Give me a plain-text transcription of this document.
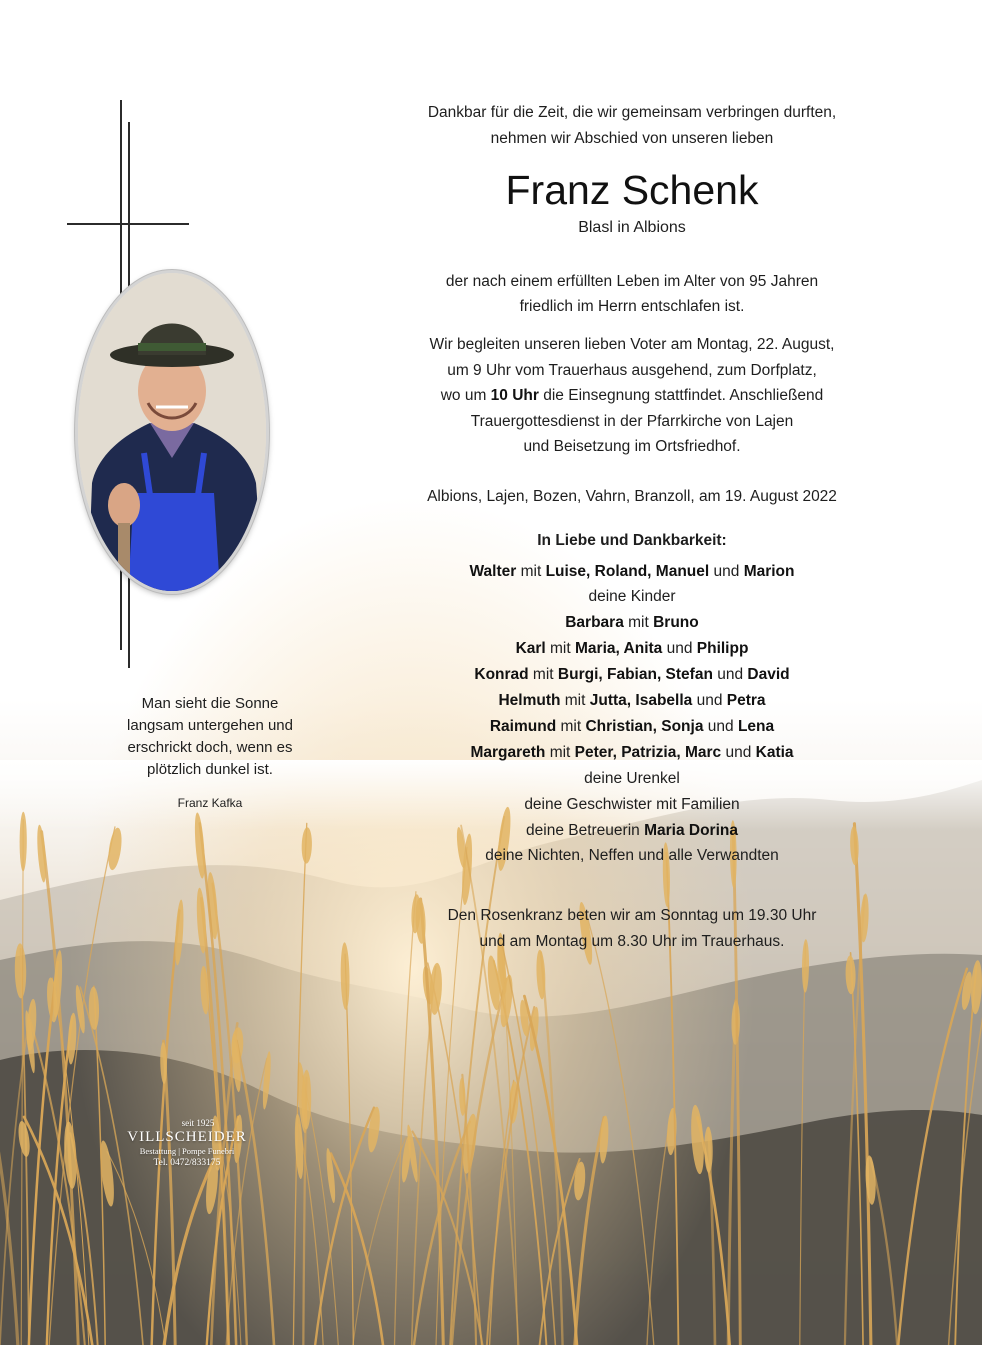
Man sieht die Sonne
langsam untergehen und
erschrickt doch, wenn es
plötzlich dunkel ist.
Franz Kafka
Dankbar für die Zeit, die wir gemeinsam verbringen durften,
nehmen wir Abschied von unseren lieben
Franz Schenk
Blasl in Albions
der nach einem erfüllten Leben im Alter von 95 Jahren
friedlich im Herrn entschlafen ist.
Wir begleiten unseren lieben Voter am Montag, 22. August,
um 9 Uhr vom Trauerhaus ausgehend, zum Dorfplatz,
wo um 10 Uhr die Einsegnung stattfindet. Anschließend
Trauergottesdienst in der Pfarrkirche von Lajen
und Beisetzung im Ortsfriedhof.
Albions, Lajen, Bozen, Vahrn, Branzoll, am 19. August 2022
In Liebe und Dankbarkeit:
Walter mit Luise, Roland, Manuel und Marion
deine Kinder
Barbara mit Bruno
Karl mit Maria, Anita und Philipp
Konrad mit Burgi, Fabian, Stefan und David
Helmuth mit Jutta, Isabella und Petra
Raimund mit Christian, Sonja und Lena
Margareth mit Peter, Patrizia, Marc und Katia
deine Urenkel
deine Geschwister mit Familien
deine Betreuerin Maria Dorina
deine Nichten, Neffen und alle Verwandten
Den Rosenkranz beten wir am Sonntag um 19.30 Uhr
und am Montag um 8.30 Uhr im Trauerhaus.
seit 1925
VILLSCHEIDER
Bestattung | Pompe Funebri
Tel. 0472/833175
